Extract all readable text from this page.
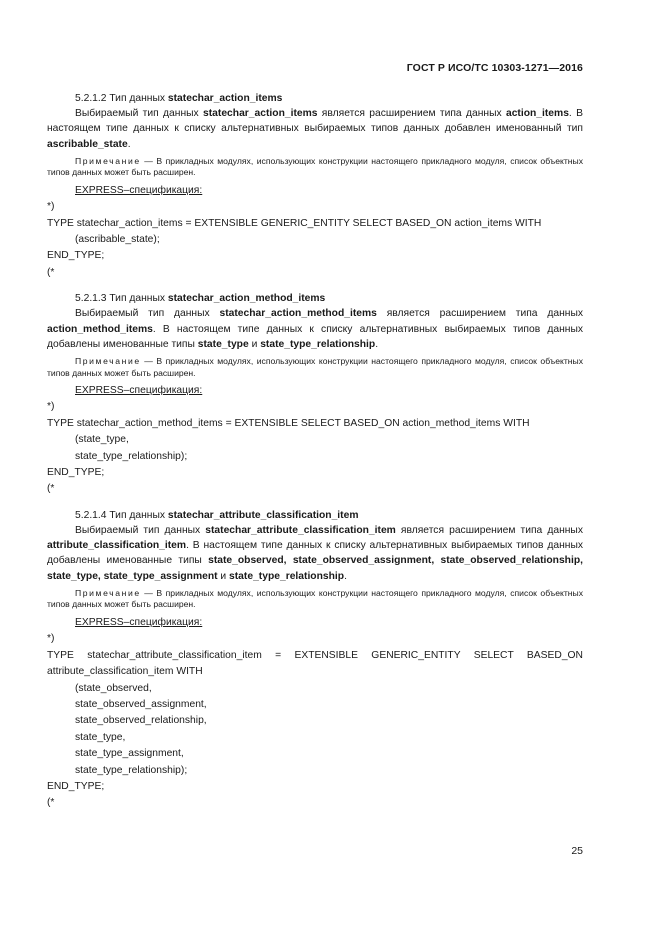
ГОСТ Р ИСО/ТС 10303-1271—2016

5.2.1.2 Тип данных statechar_action_items

Выбираемый тип данных statechar_action_items является расширением типа данных action_items. В настоящем типе данных к списку альтернативных выбираемых типов данных добавлен именованный тип ascribable_state.

Примечание — В прикладных модулях, использующих конструкции настоящего прикладного модуля, список объектных типов данных может быть расширен.

EXPRESS–спецификация:

*)
TYPE statechar_action_items = EXTENSIBLE GENERIC_ENTITY SELECT BASED_ON action_items WITH
(ascribable_state);
END_TYPE;
(*

5.2.1.3 Тип данных statechar_action_method_items

Выбираемый тип данных statechar_action_method_items является расширением типа данных action_method_items. В настоящем типе данных к списку альтернативных выбираемых типов данных добавлены именованные типы state_type и state_type_relationship.

Примечание — В прикладных модулях, использующих конструкции настоящего прикладного модуля, список объектных типов данных может быть расширен.

EXPRESS–спецификация:

*)
TYPE statechar_action_method_items = EXTENSIBLE SELECT BASED_ON action_method_items WITH
(state_type,
state_type_relationship);
END_TYPE;
(*

5.2.1.4 Тип данных statechar_attribute_classification_item

Выбираемый тип данных statechar_attribute_classification_item является расширением типа данных attribute_classification_item. В настоящем типе данных к списку альтернативных выбираемых типов данных добавлены именованные типы state_observed, state_observed_assignment, state_observed_relationship, state_type, state_type_assignment и state_type_relationship.

Примечание — В прикладных модулях, использующих конструкции настоящего прикладного модуля, список объектных типов данных может быть расширен.

EXPRESS–спецификация:

*)
TYPE statechar_attribute_classification_item = EXTENSIBLE GENERIC_ENTITY SELECT BASED_ON attribute_classification_item WITH
(state_observed,
state_observed_assignment,
state_observed_relationship,
state_type,
state_type_assignment,
state_type_relationship);
END_TYPE;
(*
25
